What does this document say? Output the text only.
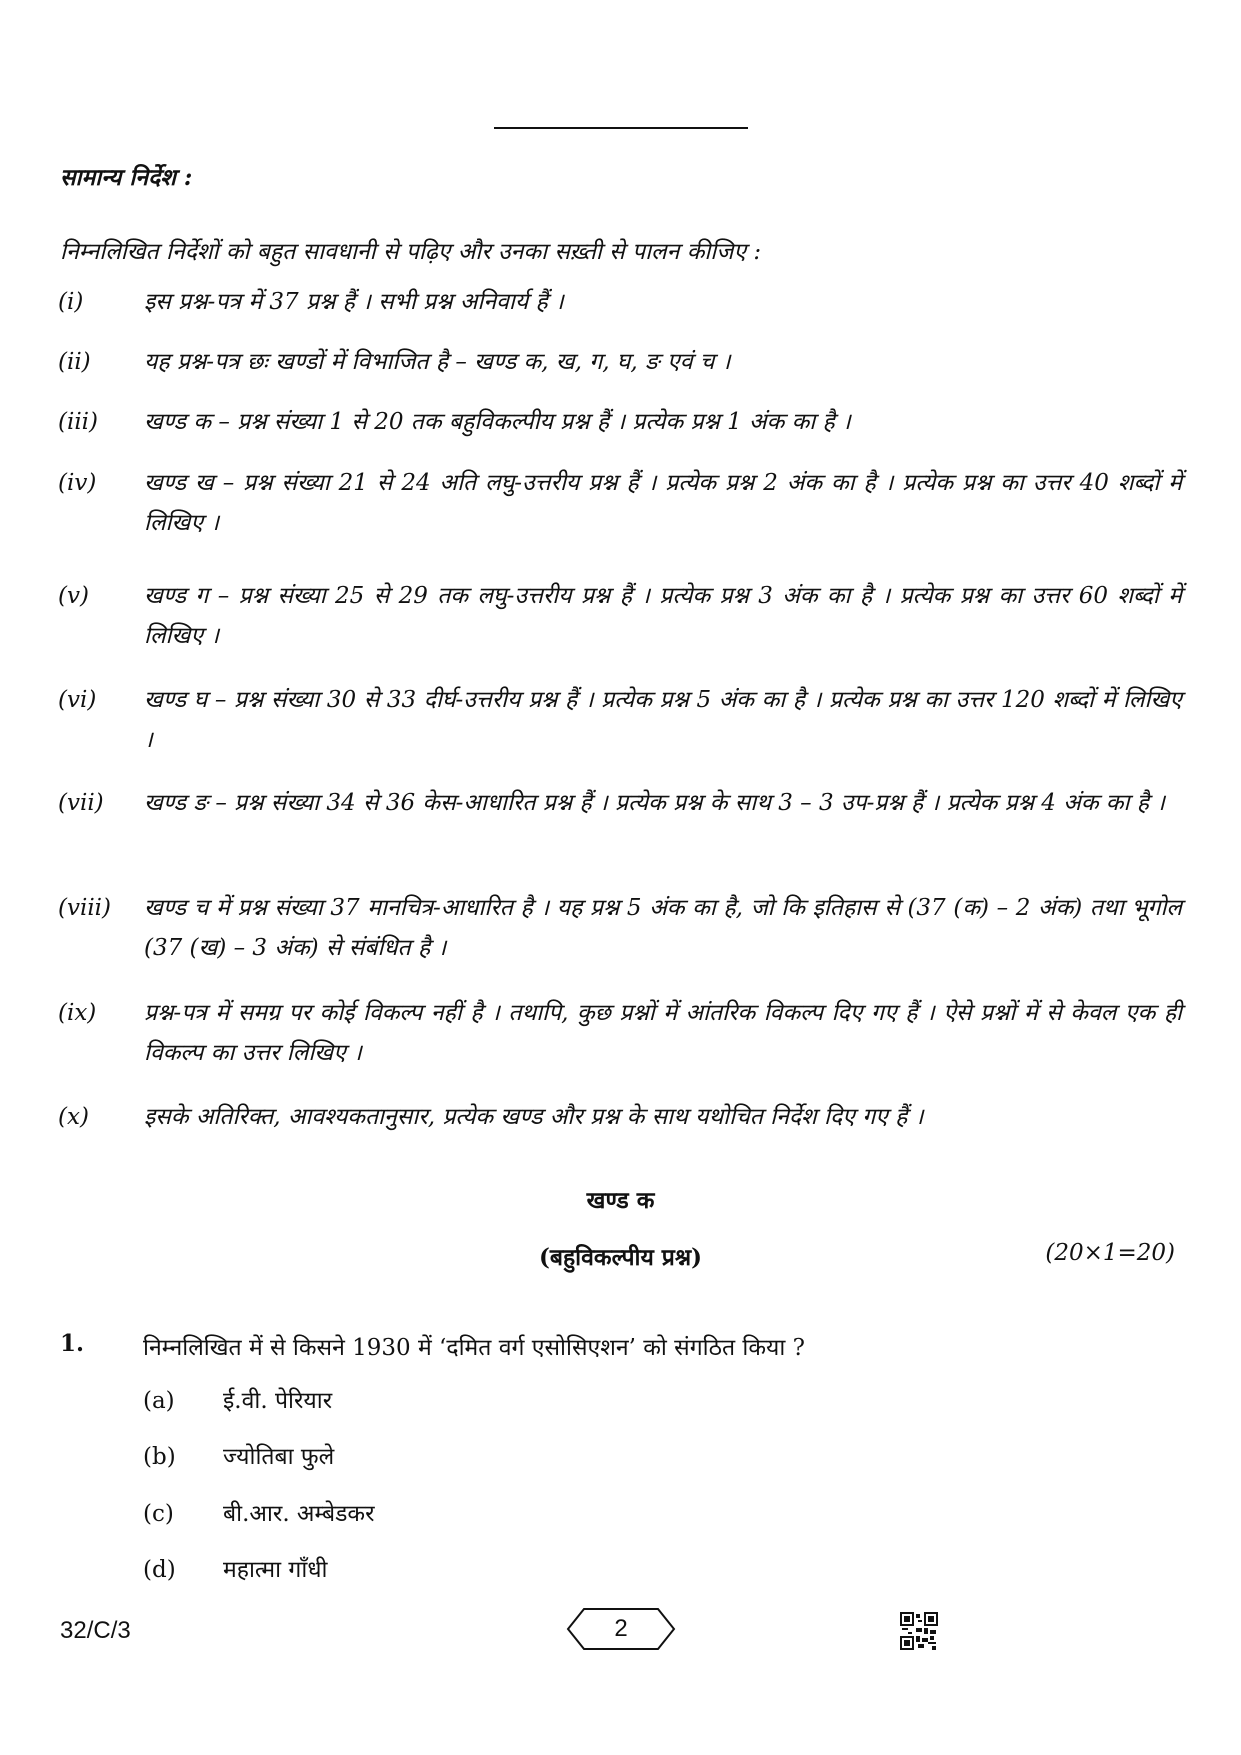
सामान्य निर्देश :
निम्नलिखित निर्देशों को बहुत सावधानी से पढ़िए और उनका सख़्ती से पालन कीजिए :
(i)	इस प्रश्न-पत्र में 37 प्रश्न हैं । सभी प्रश्न अनिवार्य हैं ।
(ii)	यह प्रश्न-पत्र छः खण्डों में विभाजित है – खण्ड क, ख, ग, घ, ङ एवं च ।
(iii)	खण्ड क – प्रश्न संख्या 1 से 20 तक बहुविकल्पीय प्रश्न हैं । प्रत्येक प्रश्न 1 अंक का है ।
(iv)	खण्ड ख – प्रश्न संख्या 21 से 24 अति लघु-उत्तरीय प्रश्न हैं । प्रत्येक प्रश्न 2 अंक का है । प्रत्येक प्रश्न का उत्तर 40 शब्दों में लिखिए ।
(v)	खण्ड ग – प्रश्न संख्या 25 से 29 तक लघु-उत्तरीय प्रश्न हैं । प्रत्येक प्रश्न 3 अंक का है । प्रत्येक प्रश्न का उत्तर 60 शब्दों में लिखिए ।
(vi)	खण्ड घ – प्रश्न संख्या 30 से 33 दीर्घ-उत्तरीय प्रश्न हैं । प्रत्येक प्रश्न 5 अंक का है । प्रत्येक प्रश्न का उत्तर 120 शब्दों में लिखिए ।
(vii)	खण्ड ङ – प्रश्न संख्या 34 से 36 केस-आधारित प्रश्न हैं । प्रत्येक प्रश्न के साथ 3 – 3 उप-प्रश्न हैं । प्रत्येक प्रश्न 4 अंक का है ।
(viii)	खण्ड च में प्रश्न संख्या 37 मानचित्र-आधारित है । यह प्रश्न 5 अंक का है, जो कि इतिहास से (37 (क) – 2 अंक) तथा भूगोल (37 (ख) – 3 अंक) से संबंधित है ।
(ix)	प्रश्न-पत्र में समग्र पर कोई विकल्प नहीं है । तथापि, कुछ प्रश्नों में आंतरिक विकल्प दिए गए हैं । ऐसे प्रश्नों में से केवल एक ही विकल्प का उत्तर लिखिए ।
(x)	इसके अतिरिक्त, आवश्यकतानुसार, प्रत्येक खण्ड और प्रश्न के साथ यथोचित निर्देश दिए गए हैं ।
खण्ड क
(बहुविकल्पीय प्रश्न)	(20×1=20)
1.	निम्नलिखित में से किसने 1930 में ‘दमित वर्ग एसोसिएशन’ को संगठित किया ?
(a) ई.वी. पेरियार
(b) ज्योतिबा फुले
(c) बी.आर. अम्बेडकर
(d) महात्मा गाँधी
32/C/3	2
